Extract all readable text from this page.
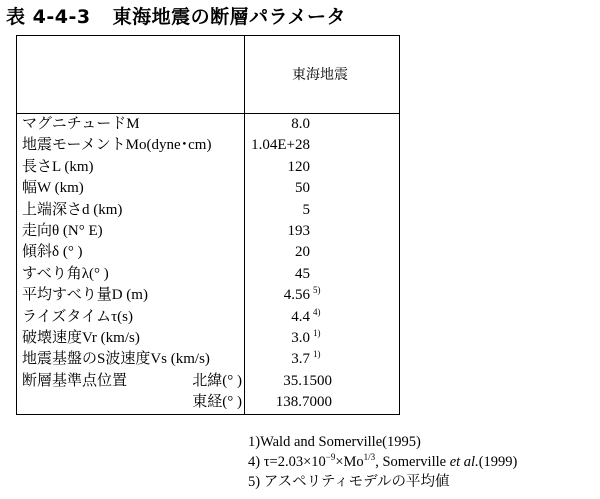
表 4-4-3 東海地震の断層パラメータ
	東海地震
マグニチュードM	8.0
地震モーメントMo(dyne･cm)	1.04E+28
長さL (km)	120
幅W (km)	50
上端深さd (km)	5
走向θ (N° E)	193
傾斜δ (° )	20
すべり角λ(° )	45
平均すべり量D (m)	4.56 $^{5)}$
ライズタイムτ(s)	4.4 $^{4)}$
破壊速度Vr (km/s)	3.0 $^{1)}$
地震基盤のS波速度Vs (km/s)	3.7 $^{1)}$
断層基準点位置 北緯(° )	35.1500
東経(° )	138.7000
1)Wald and Somerville(1995)
4) $\tau=2.03\times 10^{-9}\times Mo^{1/3}$, Somerville et al.(1999)
5) アスペリティモデルの平均値
